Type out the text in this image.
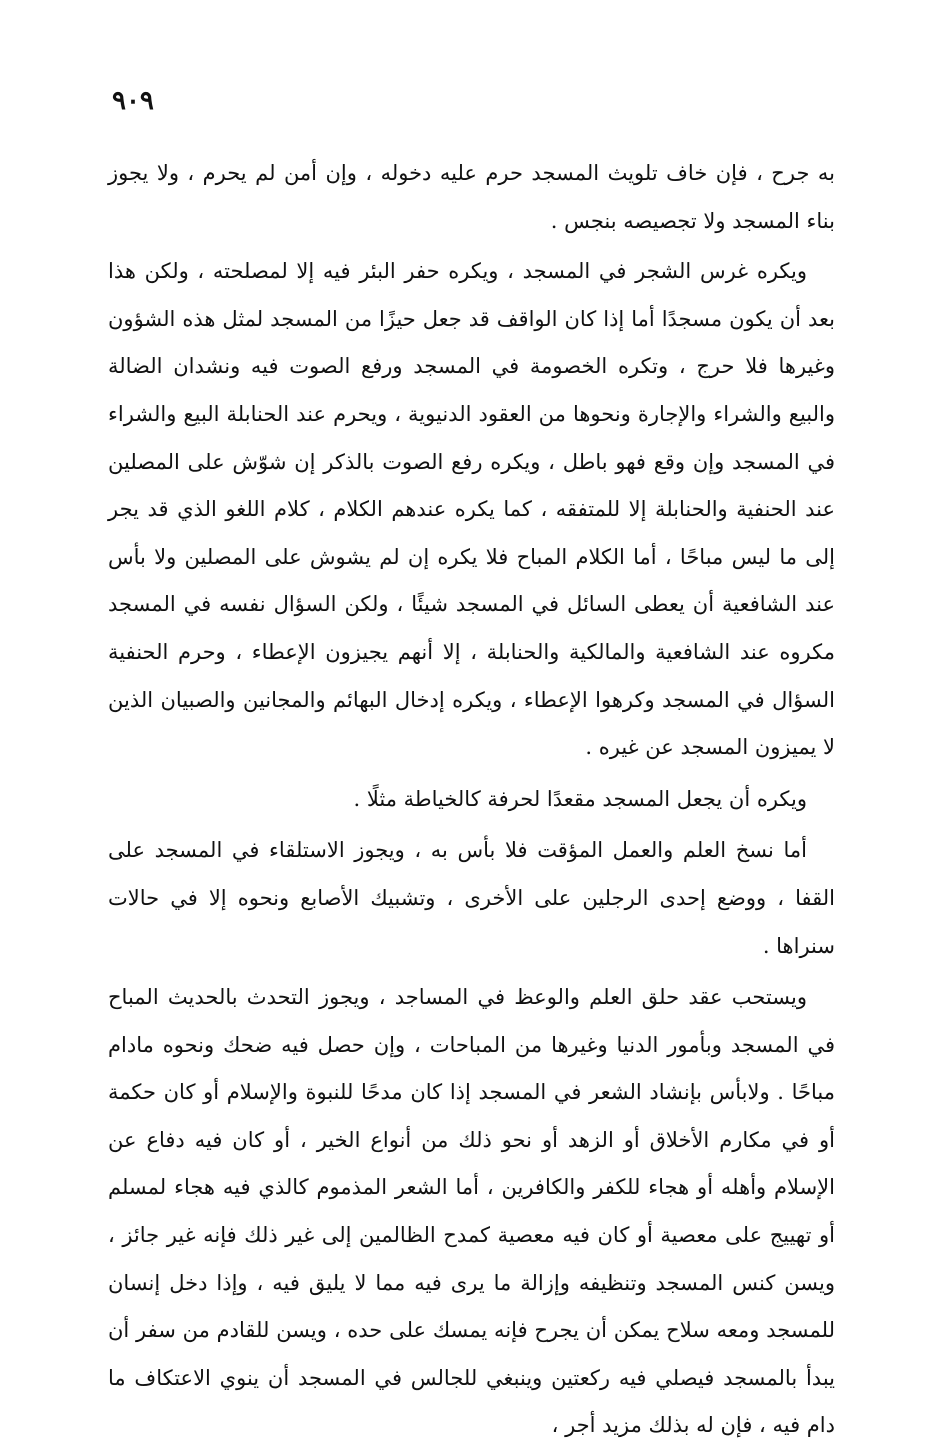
٩٠٩

به جرح ، فإن خاف تلويث المسجد حرم عليه دخوله ، وإن أمن لم يحرم ، ولا يجوز بناء المسجد ولا تجصيصه بنجس .

ويكره غرس الشجر في المسجد ، ويكره حفر البئر فيه إلا لمصلحته ، ولكن هذا بعد أن يكون مسجدًا أما إذا كان الواقف قد جعل حيزًا من المسجد لمثل هذه الشؤون وغيرها فلا حرج ، وتكره الخصومة في المسجد ورفع الصوت فيه ونشدان الضالة والبيع والشراء والإجارة ونحوها من العقود الدنيوية ، ويحرم عند الحنابلة البيع والشراء في المسجد وإن وقع فهو باطل ، ويكره رفع الصوت بالذكر إن شوّش على المصلين عند الحنفية والحنابلة إلا للمتفقه ، كما يكره عندهم الكلام ، كلام اللغو الذي قد يجر إلى ما ليس مباحًا ، أما الكلام المباح فلا يكره إن لم يشوش على المصلين ولا بأس عند الشافعية أن يعطى السائل في المسجد شيئًا ، ولكن السؤال نفسه في المسجد مكروه عند الشافعية والمالكية والحنابلة ، إلا أنهم يجيزون الإعطاء ، وحرم الحنفية السؤال في المسجد وكرهوا الإعطاء ، ويكره إدخال البهائم والمجانين والصبيان الذين لا يميزون المسجد عن غيره .

ويكره أن يجعل المسجد مقعدًا لحرفة كالخياطة مثلًا .

أما نسخ العلم والعمل المؤقت فلا بأس به ، ويجوز الاستلقاء في المسجد على القفا ، ووضع إحدى الرجلين على الأخرى ، وتشبيك الأصابع ونحوه إلا في حالات سنراها .

ويستحب عقد حلق العلم والوعظ في المساجد ، ويجوز التحدث بالحديث المباح في المسجد وبأمور الدنيا وغيرها من المباحات ، وإن حصل فيه ضحك ونحوه مادام مباحًا . ولابأس بإنشاد الشعر في المسجد إذا كان مدحًا للنبوة والإسلام أو كان حكمة أو في مكارم الأخلاق أو الزهد أو نحو ذلك من أنواع الخير ، أو كان فيه دفاع عن الإسلام وأهله أو هجاء للكفر والكافرين ، أما الشعر المذموم كالذي فيه هجاء لمسلم أو تهييج على معصية أو كان فيه معصية كمدح الظالمين إلى غير ذلك فإنه غير جائز ، ويسن كنس المسجد وتنظيفه وإزالة ما يرى فيه مما لا يليق فيه ، وإذا دخل إنسان للمسجد ومعه سلاح يمكن أن يجرح فإنه يمسك على حده ، ويسن للقادم من سفر أن يبدأ بالمسجد فيصلي فيه ركعتين وينبغي للجالس في المسجد أن ينوي الاعتكاف ما دام فيه ، فإن له بذلك مزيد أجر ،
